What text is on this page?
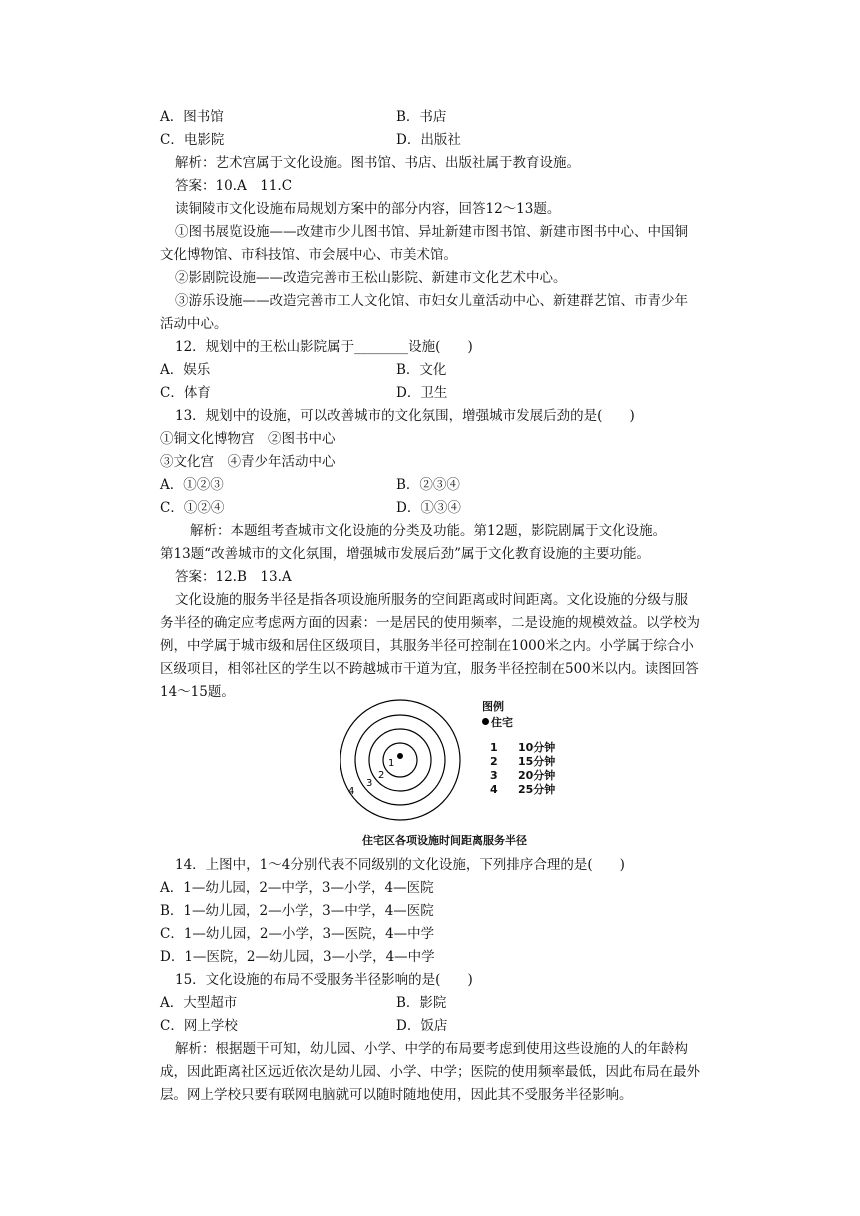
A．图书馆	B．书店
C．电影院	D．出版社
解析：艺术宫属于文化设施。图书馆、书店、出版社属于教育设施。
答案：10.A　11.C
读铜陵市文化设施布局规划方案中的部分内容，回答12～13题。
①图书展览设施——改建市少儿图书馆、异址新建市图书馆、新建市图书中心、中国铜
文化博物馆、市科技馆、市会展中心、市美术馆。
②影剧院设施——改造完善市王松山影院、新建市文化艺术中心。
③游乐设施——改造完善市工人文化馆、市妇女儿童活动中心、新建群艺馆、市青少年
活动中心。
12．规划中的王松山影院属于________设施(　　)
A．娱乐	B．文化
C．体育	D．卫生
13．规划中的设施，可以改善城市的文化氛围，增强城市发展后劲的是(　　)
①铜文化博物宫　②图书中心
③文化宫　④青少年活动中心
A．①②③	B．②③④
C．①②④	D．①③④
解析：本题组考查城市文化设施的分类及功能。第12题，影院剧属于文化设施。
第13题“改善城市的文化氛围，增强城市发展后劲”属于文化教育设施的主要功能。
答案：12.B　13.A
文化设施的服务半径是指各项设施所服务的空间距离或时间距离。文化设施的分级与服
务半径的确定应考虑两方面的因素：一是居民的使用频率，二是设施的规模效益。以学校为
例，中学属于城市级和居住区级项目，其服务半径可控制在1000米之内。小学属于综合小
区级项目，相邻社区的学生以不跨越城市干道为宜，服务半径控制在500米以内。读图回答
14～15题。
1
2
3
4
图例
住宅
1 10分钟
2 15分钟
3 20分钟
4 25分钟
住宅区各项设施时间距离服务半径
14．上图中，1～4分别代表不同级别的文化设施，下列排序合理的是(　　)
A．1—幼儿园，2—中学，3—小学，4—医院
B．1—幼儿园，2—小学，3—中学，4—医院
C．1—幼儿园，2—小学，3—医院，4—中学
D．1—医院，2—幼儿园，3—小学，4—中学
15．文化设施的布局不受服务半径影响的是(　　)
A．大型超市	B．影院
C．网上学校	D．饭店
解析：根据题干可知，幼儿园、小学、中学的布局要考虑到使用这些设施的人的年龄构
成，因此距离社区远近依次是幼儿园、小学、中学；医院的使用频率最低，因此布局在最外
层。网上学校只要有联网电脑就可以随时随地使用，因此其不受服务半径影响。
